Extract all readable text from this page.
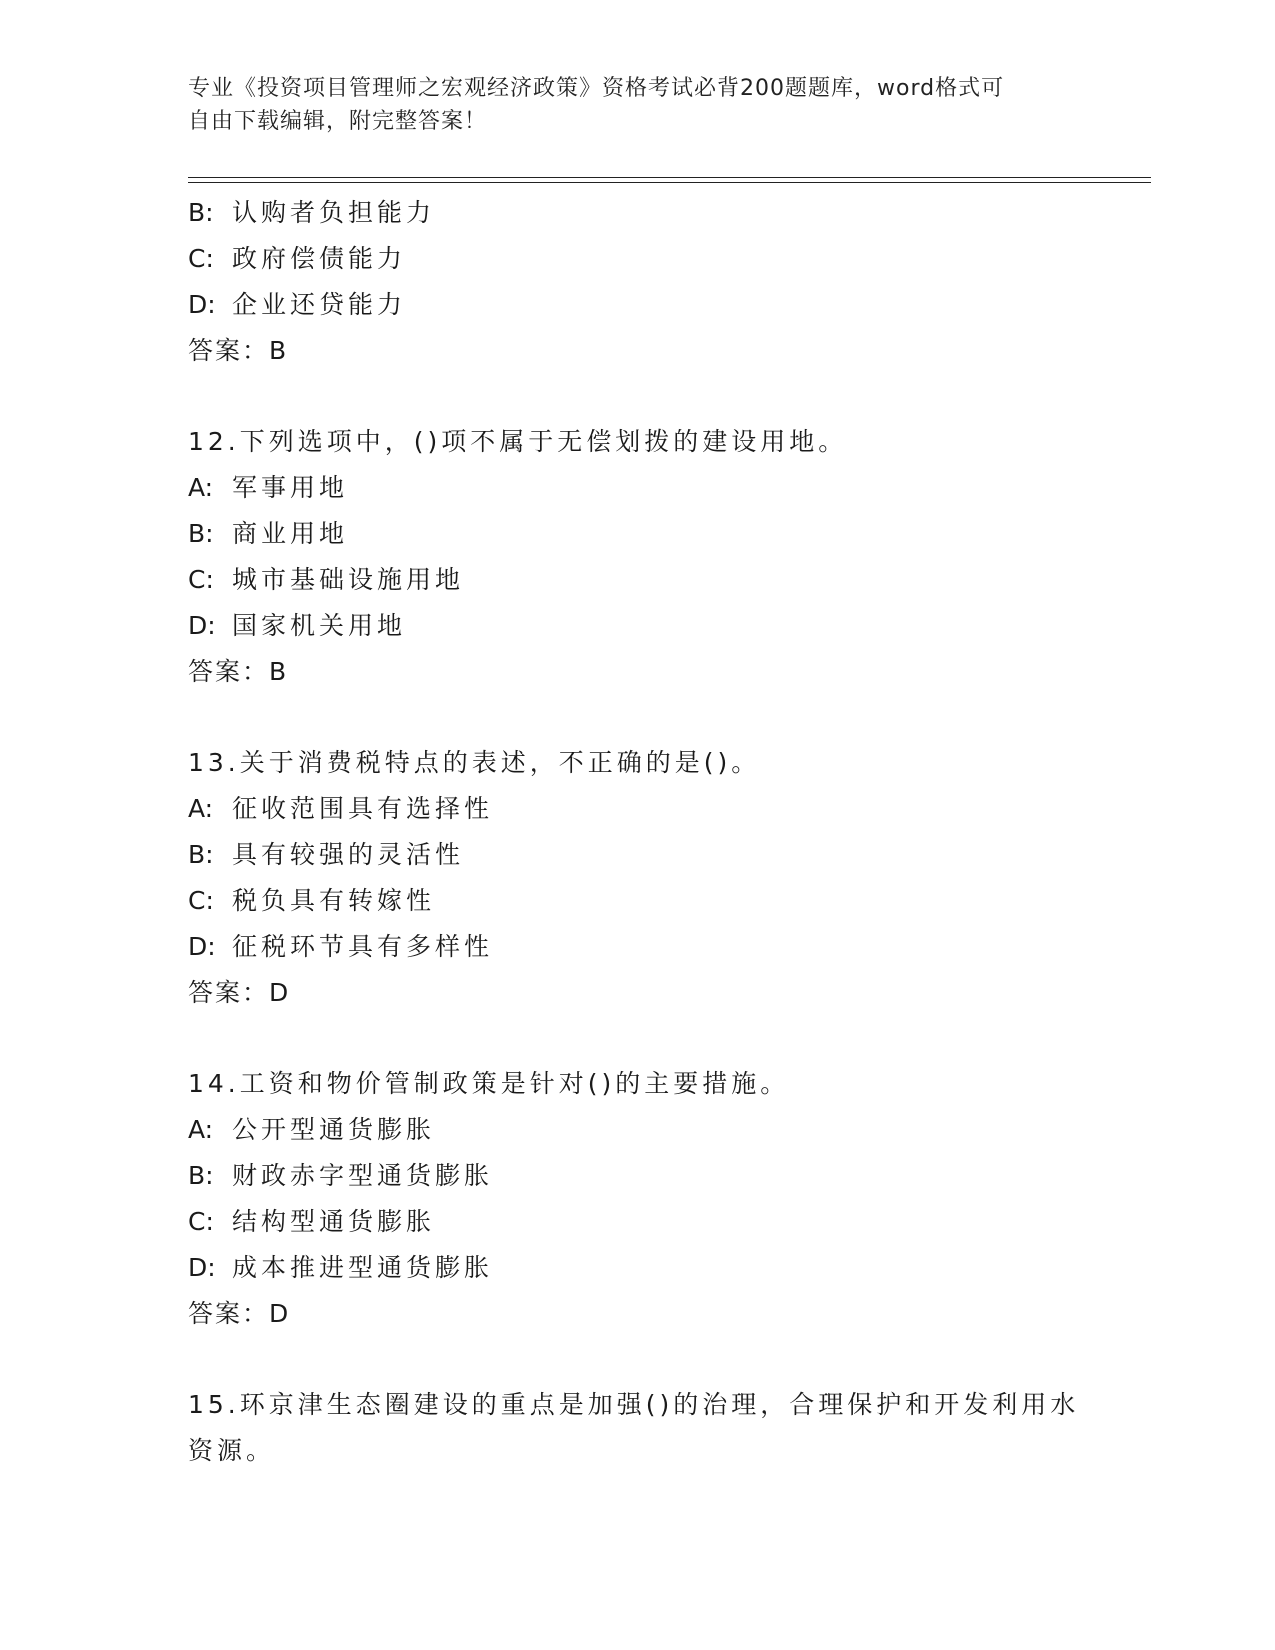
专业《投资项目管理师之宏观经济政策》资格考试必背200题题库，word格式可
自由下载编辑，附完整答案！
B: 认购者负担能力
C: 政府偿债能力
D: 企业还贷能力
答案：B
12.下列选项中，()项不属于无偿划拨的建设用地。
A: 军事用地
B: 商业用地
C: 城市基础设施用地
D: 国家机关用地
答案：B
13.关于消费税特点的表述，不正确的是()。
A: 征收范围具有选择性
B: 具有较强的灵活性
C: 税负具有转嫁性
D: 征税环节具有多样性
答案：D
14.工资和物价管制政策是针对()的主要措施。
A: 公开型通货膨胀
B: 财政赤字型通货膨胀
C: 结构型通货膨胀
D: 成本推进型通货膨胀
答案：D
15.环京津生态圈建设的重点是加强()的治理，合理保护和开发利用水
资源。
